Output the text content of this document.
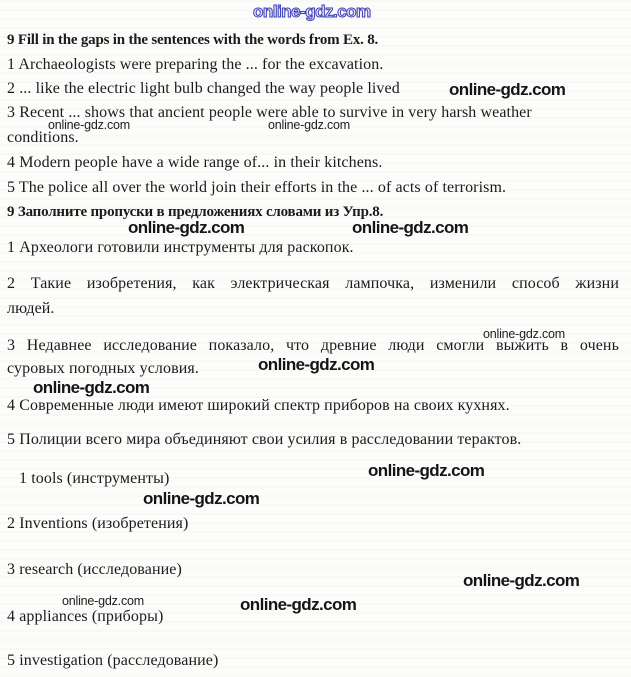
online-gdz.com
online-gdz.com
online-gdz.com	online-gdz.com
online-gdz.com	online-gdz.com
online-gdz.com
online-gdz.com
online-gdz.com
online-gdz.com
online-gdz.com
online-gdz.com
online-gdz.com	online-gdz.com
9 Fill in the gaps in the sentences with the words from Ex. 8.
1 Archaeologists were preparing the ... for the excavation.
2 ... like the electric light bulb changed the way people lived
3 Recent ... shows that ancient people were able to survive in very harsh weather
conditions.
4 Modern people have a wide range of... in their kitchens.
5 The police all over the world join their efforts in the ... of acts of terrorism.
9 Заполните пропуски в предложениях словами из Упр.8.
1 Археологи готовили инструменты для раскопок.
2 Такие изобретения, как электрическая лампочка, изменили способ жизни
людей.
3 Недавнее исследование показало, что древние люди смогли выжить в очень
суровых погодных условия.
4 Современные люди имеют широкий спектр приборов на своих кухнях.
5 Полиции всего мира объединяют свои усилия в расследовании терактов.
1 tools (инструменты)
2 Inventions (изобретения)
3 research (исследование)
4 appliances (приборы)
5 investigation (расследование)
